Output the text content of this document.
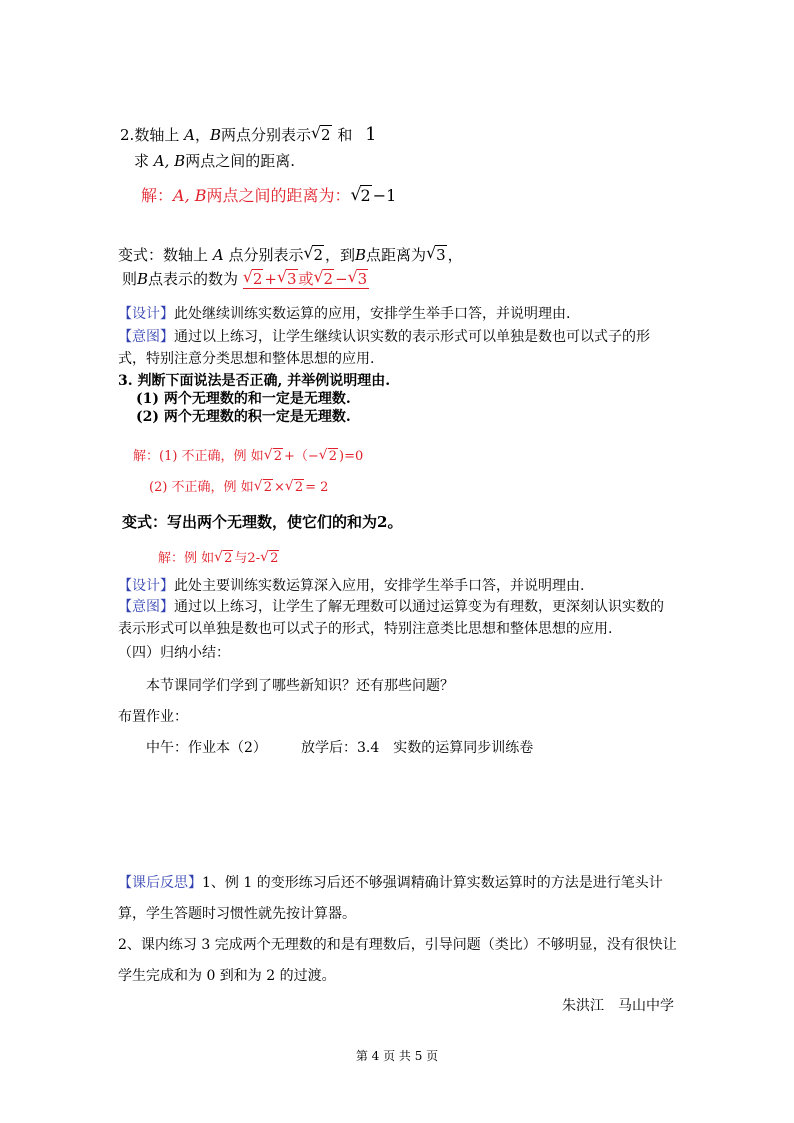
2.数轴上 A，B两点分别表示 √ 2 和 1
求 A, B两点之间的距离.
解：A, B两点之间的距离为： √ 2 −1
变式：数轴上 A 点分别表示 √ 2 ，到B点距离为 √ 3 ，
则B点表示的数为 √ 2 + √ 3 或 √ 2 − √ 3
【设计】此处继续训练实数运算的应用，安排学生举手口答，并说明理由.
【意图】通过以上练习，让学生继续认识实数的表示形式可以单独是数也可以式子的形
式，特别注意分类思想和整体思想的应用.
3. 判断下面说法是否正确, 并举例说明理由.
(1) 两个无理数的和一定是无理数.
(2) 两个无理数的积一定是无理数.
解：(1) 不正确，例 如 √ 2 +（− √ 2 )=0
(2) 不正确，例 如 √ 2 × √ 2 = 2
变式：写出两个无理数，使它们的和为2。
解：例 如 √ 2 与2- √ 2
【设计】此处主要训练实数运算深入应用，安排学生举手口答，并说明理由.
【意图】通过以上练习，让学生了解无理数可以通过运算变为有理数，更深刻认识实数的
表示形式可以单独是数也可以式子的形式，特别注意类比思想和整体思想的应用.
（四）归纳小结：
本节课同学们学到了哪些新知识？还有那些问题？
布置作业：
中午：作业本（2） 放学后：3.4　实数的运算同步训练卷
【课后反思】1、例 1 的变形练习后还不够强调精确计算实数运算时的方法是进行笔头计
算，学生答题时习惯性就先按计算器。
2、课内练习 3 完成两个无理数的和是有理数后，引导问题（类比）不够明显，没有很快让
学生完成和为 0 到和为 2 的过渡。
朱洪江　马山中学
第 4 页 共 5 页
